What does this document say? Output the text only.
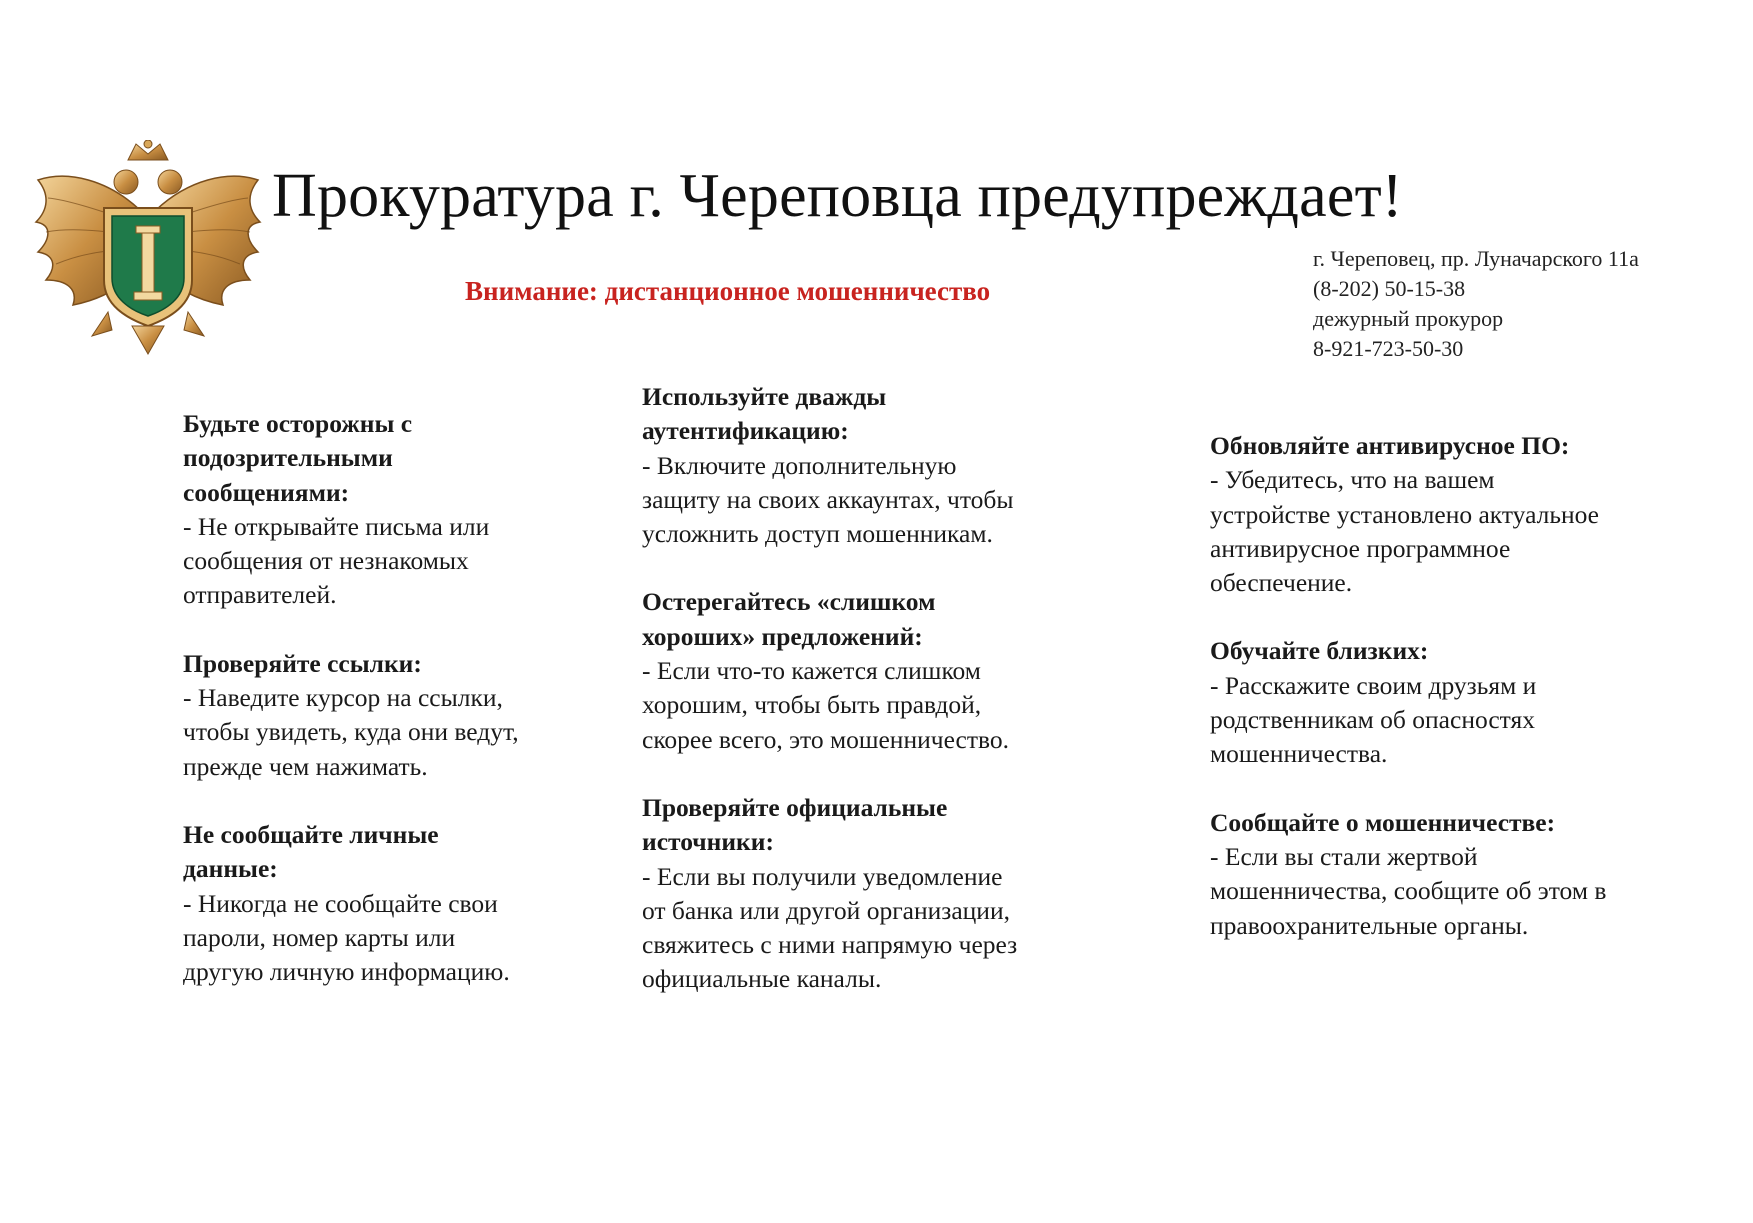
Прокуратура г. Череповца предупреждает!
Внимание: дистанционное мошенничество
г. Череповец, пр. Луначарского 11а
(8-202) 50-15-38
дежурный прокурор
8-921-723-50-30
Будьте осторожны с
подозрительными
сообщениями:
- Не открывайте письма или
сообщения от незнакомых
отправителей.
Проверяйте ссылки:
- Наведите курсор на ссылки,
чтобы увидеть, куда они ведут,
прежде чем нажимать.
Не сообщайте личные
данные:
- Никогда не сообщайте свои
пароли, номер карты или
другую личную информацию.
Используйте дважды
аутентификацию:
- Включите дополнительную
защиту на своих аккаунтах, чтобы
усложнить доступ мошенникам.
Остерегайтесь «слишком
хороших» предложений:
- Если что-то кажется слишком
хорошим, чтобы быть правдой,
скорее всего, это мошенничество.
Проверяйте официальные
источники:
- Если вы получили уведомление
от банка или другой организации,
свяжитесь с ними напрямую через
официальные каналы.
Обновляйте антивирусное ПО:
- Убедитесь, что на вашем
устройстве установлено актуальное
антивирусное программное
обеспечение.
Обучайте близких:
- Расскажите своим друзьям и
родственникам об опасностях
мошенничества.
Сообщайте о мошенничестве:
- Если вы стали жертвой
мошенничества, сообщите об этом в
правоохранительные органы.
